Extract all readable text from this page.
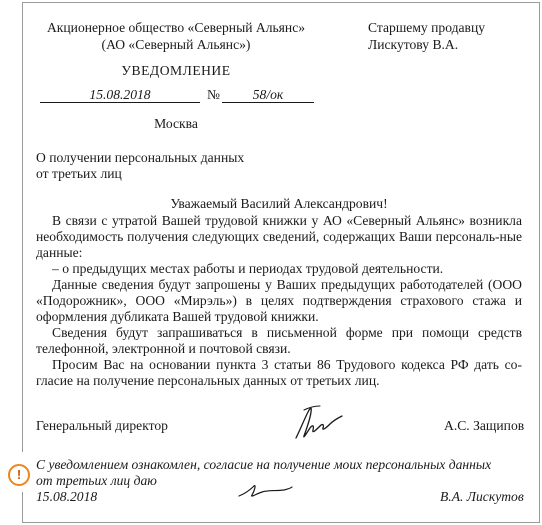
Акционерное общество «Северный Альянс»
(АО «Северный Альянс»)
Старшему продавцу
Лискутову В.А.
УВЕДОМЛЕНИЕ
15.08.2018	№	58/ок
Москва
О получении персональных данных
от третьих лиц
Уважаемый Василий Александрович!

В связи с утратой Вашей трудовой книжки у АО «Северный Альянс» возникла необходимость получения следующих сведений, содержащих Ваши персональ-ные данные:

– о предыдущих местах работы и периодах трудовой деятельности.

Данные сведения будут запрошены у Ваших предыдущих работодателей (ООО «Подорожник», ООО «Мирэль») в целях подтверждения страхового стажа и оформления дубликата Вашей трудовой книжки.

Сведения будут запрашиваться в письменной форме при помощи средств телефонной, электронной и почтовой связи.

Просим Вас на основании пункта 3 статьи 86 Трудового кодекса РФ дать со-гласие на получение персональных данных от третьих лиц.

Генеральный директор	А.С. Защипов
!
С уведомлением ознакомлен, согласие на получение моих персональных данных
от третьих лиц даю
15.08.2018	В.А. Лискутов
